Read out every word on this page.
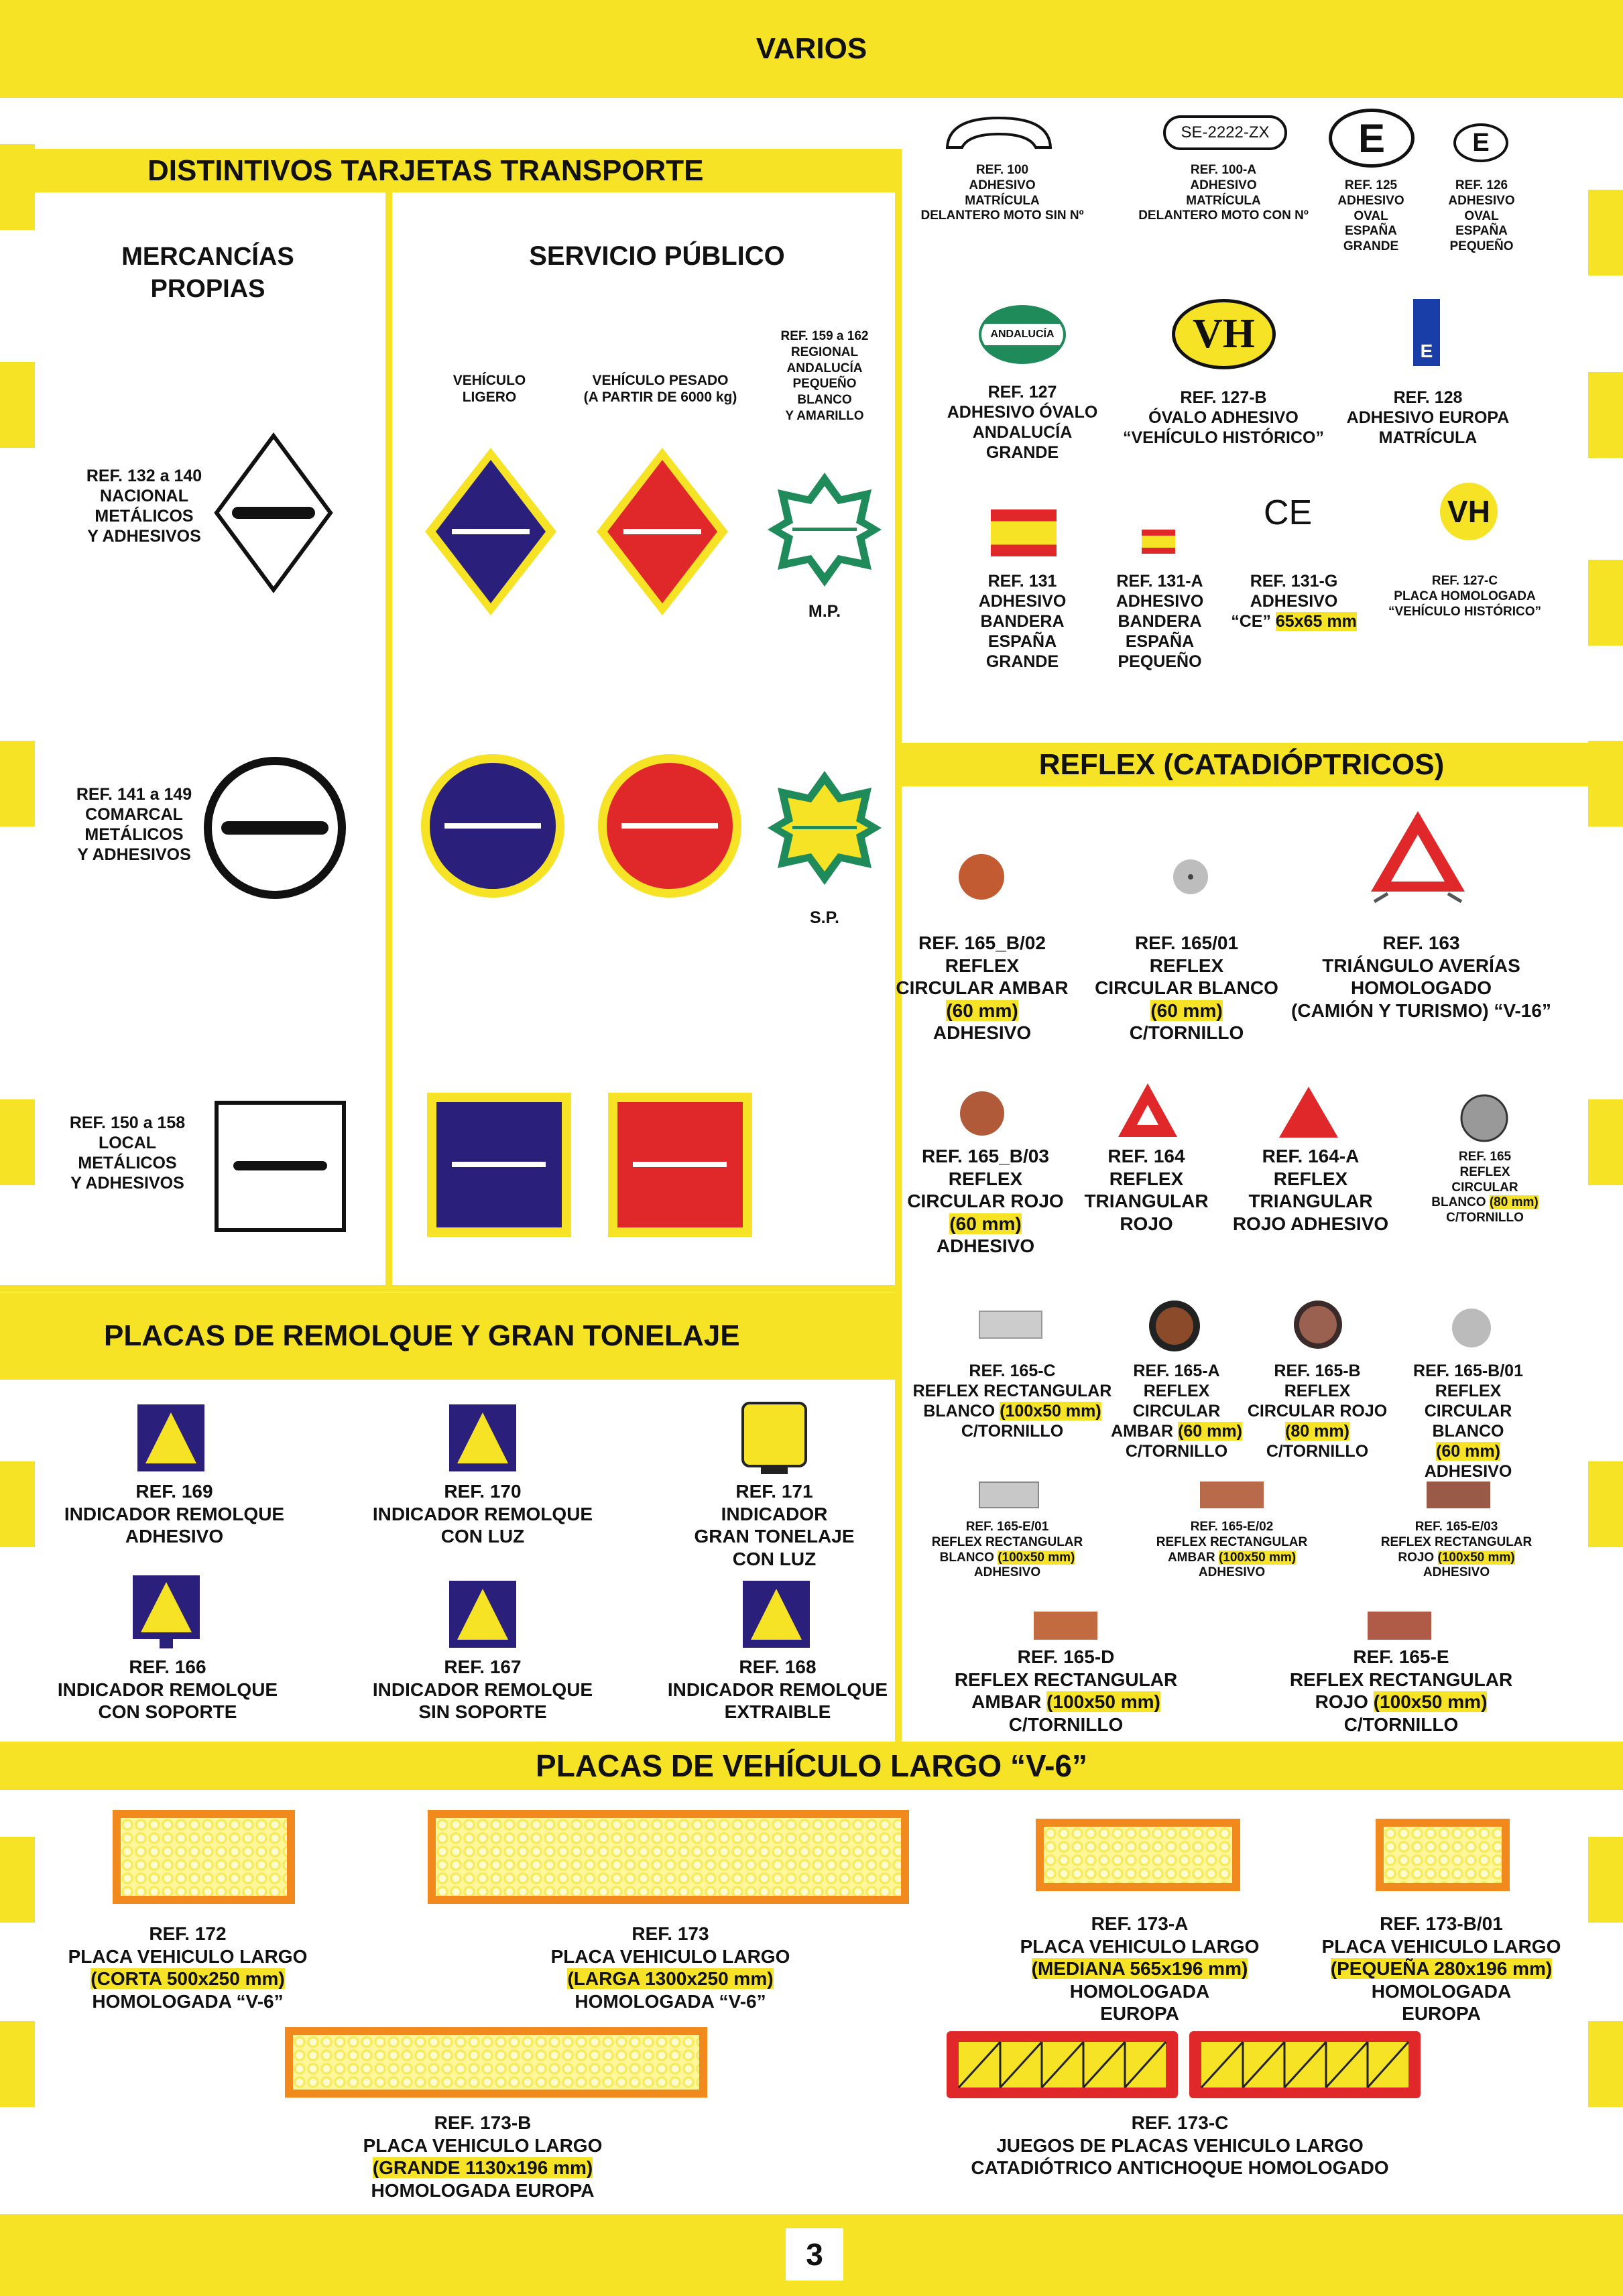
VARIOS
3
DISTINTIVOS TARJETAS TRANSPORTE
MERCANCÍAS
PROPIAS
SERVICIO PÚBLICO
VEHÍCULO
LIGERO
VEHÍCULO PESADO
(A PARTIR DE 6000 kg)
REF. 159 a 162
REGIONAL
ANDALUCÍA
PEQUEÑO
BLANCO
Y AMARILLO
REF. 132 a 140
NACIONAL
METÁLICOS
Y ADHESIVOS
REF. 141 a 149
COMARCAL
METÁLICOS
Y ADHESIVOS
REF. 150 a 158
LOCAL
METÁLICOS
Y ADHESIVOS
M.P.
S.P.
SE-2222-ZX	E	E
REF. 100
ADHESIVO
MATRÍCULA
DELANTERO MOTO SIN Nº
REF. 100-A
ADHESIVO
MATRÍCULA
DELANTERO MOTO CON Nº
REF. 125
ADHESIVO
OVAL
ESPAÑA
GRANDE
REF. 126
ADHESIVO
OVAL
ESPAÑA
PEQUEÑO
ANDALUCÍA	VH	E
REF. 127
ADHESIVO ÓVALO
ANDALUCÍA
GRANDE
REF. 127-B
ÓVALO ADHESIVO
“VEHÍCULO HISTÓRICO”
REF. 128
ADHESIVO EUROPA
MATRÍCULA
CE	VH
REF. 131
ADHESIVO
BANDERA
ESPAÑA
GRANDE
REF. 131-A
ADHESIVO
BANDERA
ESPAÑA
PEQUEÑO
REF. 131-G
ADHESIVO
“CE” 65x65 mm
REF. 127-C
PLACA HOMOLOGADA
“VEHÍCULO HISTÓRICO”
REFLEX (CATADIÓPTRICOS)
REF. 165_B/02
REFLEX
CIRCULAR AMBAR
(60 mm)
ADHESIVO
REF. 165/01
REFLEX
CIRCULAR BLANCO
(60 mm)
C/TORNILLO
REF. 163
TRIÁNGULO AVERÍAS
HOMOLOGADO
(CAMIÓN Y TURISMO) “V-16”
REF. 165_B/03
REFLEX
CIRCULAR ROJO
(60 mm)
ADHESIVO
REF. 164
REFLEX
TRIANGULAR
ROJO
REF. 164-A
REFLEX
TRIANGULAR
ROJO ADHESIVO
REF. 165
REFLEX
CIRCULAR
BLANCO (80 mm)
C/TORNILLO
REF. 165-C
REFLEX RECTANGULAR
BLANCO (100x50 mm)
C/TORNILLO
REF. 165-A
REFLEX
CIRCULAR
AMBAR (60 mm)
C/TORNILLO
REF. 165-B
REFLEX
CIRCULAR ROJO
(80 mm)
C/TORNILLO
REF. 165-B/01
REFLEX
CIRCULAR BLANCO
(60 mm)
ADHESIVO
REF. 165-E/01
REFLEX RECTANGULAR
BLANCO (100x50 mm)
ADHESIVO
REF. 165-E/02
REFLEX RECTANGULAR
AMBAR (100x50 mm)
ADHESIVO
REF. 165-E/03
REFLEX RECTANGULAR
ROJO (100x50 mm)
ADHESIVO
REF. 165-D
REFLEX RECTANGULAR
AMBAR (100x50 mm)
C/TORNILLO
REF. 165-E
REFLEX RECTANGULAR
ROJO (100x50 mm)
C/TORNILLO
PLACAS DE REMOLQUE Y GRAN TONELAJE
REF. 169
INDICADOR REMOLQUE
ADHESIVO
REF. 170
INDICADOR REMOLQUE
CON LUZ
REF. 171
INDICADOR
GRAN TONELAJE
CON LUZ
REF. 166
INDICADOR REMOLQUE
CON SOPORTE
REF. 167
INDICADOR REMOLQUE
SIN SOPORTE
REF. 168
INDICADOR REMOLQUE
EXTRAIBLE
PLACAS DE VEHÍCULO LARGO “V-6”
REF. 172
PLACA VEHICULO LARGO
(CORTA 500x250 mm)
HOMOLOGADA “V-6”
REF. 173
PLACA VEHICULO LARGO
(LARGA 1300x250 mm)
HOMOLOGADA “V-6”
REF. 173-A
PLACA VEHICULO LARGO
(MEDIANA 565x196 mm)
HOMOLOGADA
EUROPA
REF. 173-B/01
PLACA VEHICULO LARGO
(PEQUEÑA 280x196 mm)
HOMOLOGADA
EUROPA
REF. 173-B
PLACA VEHICULO LARGO
(GRANDE 1130x196 mm)
HOMOLOGADA EUROPA
REF. 173-C
JUEGOS DE PLACAS VEHICULO LARGO
CATADIÓTRICO ANTICHOQUE HOMOLOGADO
